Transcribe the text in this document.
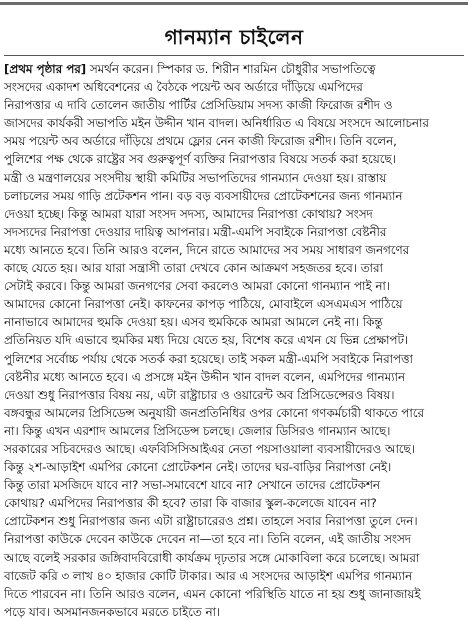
গানম্যান চাইলেন
[প্রথম পৃষ্ঠার পর] সমর্থন করেন। স্পিকার ড. শিরীন শারমিন চৌধুরীর সভাপতিত্বে
সংসদের একাদশ অধিবেশনের এ বৈঠকে পয়েন্ট অব অর্ডারে দাঁড়িয়ে এমপিদের
নিরাপত্তার এ দাবি তোলেন জাতীয় পার্টির প্রেসিডিয়াম সদস্য কাজী ফিরোজ রশীদ ও
জাসদের কার্যকরী সভাপতি মইন উদ্দীন খান বাদল। অনির্ধারিত এ বিষয়ে সংসদে আলোচনার
সময় পয়েন্ট অব অর্ডারে দাঁড়িয়ে প্রথমে ফ্লোর নেন কাজী ফিরোজ রশীদ। তিনি বলেন,
পুলিশের পক্ষ থেকে রাষ্ট্রের সব গুরুত্বপূর্ণ ব্যক্তির নিরাপত্তার বিষয়ে সতর্ক করা হয়েছে।
মন্ত্রী ও মন্ত্রণালয়ের সংসদীয় স্থায়ী কমিটির সভাপতিদের গানম্যান দেওয়া হয়। রাস্তায়
চলাচলের সময় গাড়ি প্রটেকশন পান। বড় বড় ব্যবসায়ীদের প্রোটেকশনের জন্য গানম্যান
দেওয়া হচ্ছে। কিন্তু আমরা যারা সংসদ সদস্য, আমাদের নিরাপত্তা কোথায়? সংসদ
সদস্যদের নিরাপত্তা দেওয়ার দায়িত্ব আপনার। মন্ত্রী-এমপি সবাইকে নিরাপত্তা বেষ্টনীর
মধ্যে আনতে হবে। তিনি আরও বলেন, দিনে রাতে আমাদের সব সময় সাধারণ জনগণের
কাছে যেতে হয়। আর যারা সন্ত্রাসী তারা দেখবে কোন আক্রমণ সহজতর হবে। তারা
সেটাই করবে। কিন্তু আমরা জনগণের সেবা করলেও আমরা কোনো গানম্যান পাই না।
আমাদের কোনো নিরাপত্তা নেই। কাফনের কাপড় পাঠিয়ে, মোবাইলে এসএমএস পাঠিয়ে
নানাভাবে আমাদের হুমকি দেওয়া হয়। এসব হুমকিকে আমরা আমলে নেই না। কিন্তু
প্রতিনিয়ত যদি এভাবে হুমকির মধ্য দিয়ে যেতে হয়, বিশেষ করে এখন যে ভিন্ন প্রেক্ষাপট।
পুলিশের সর্বোচ্চ পর্যায় থেকে সতর্ক করা হয়েছে। তাই সকল মন্ত্রী-এমপি সবাইকে নিরাপত্তা
বেষ্টনীর মধ্যে আনতে হবে। এ প্রসঙ্গে মইন উদ্দীন খান বাদল বলেন, এমপিদের গানম্যান
দেওয়া শুধু নিরাপত্তার বিষয় নয়, এটা রাষ্ট্রাচার ও ওয়ারেন্ট অব প্রিসিডেন্সেরও বিষয়।
বঙ্গবন্ধুর আমলের প্রিসিডেন্স অনুযায়ী জনপ্রতিনিধির ওপর কোনো গণকর্মচারী থাকতে পারে
না। কিন্তু এখন এরশাদ আমলের প্রিসিডেন্স চলছে। জেলার ডিসিরও গানম্যান আছে।
সরকারের সচিবদেরও আছে। এফবিসিসিআইএর নেতা পয়সাওয়ালা ব্যবসায়ীদেরও আছে।
কিন্তু ২শ-আড়াইশ এমপির কোনো প্রোটেকশন নেই। তাদের ঘর-বাড়ির নিরাপত্তা নেই।
কিন্তু তারা মসজিদে যাবে না? সভা-সমাবেশে যাবে না? সেখানে তাদের প্রোটেকশন
কোথায়? এমপিদের নিরাপত্তার কী হবে? তারা কি বাজার স্কুল-কলেজে যাবেন না?
প্রোটেকশন শুধু নিরাপত্তার জন্য এটা রাষ্ট্রাচারেরও প্রশ্ন। তাহলে সবার নিরাপত্তা তুলে দেন।
নিরাপত্তা কাউকে দেবেন কাউকে দেবেন না—তা হবে না। তিনি বলেন, এই জাতীয় সংসদ
আছে বলেই সরকার জঙ্গিবাদবিরোধী কার্যক্রম দৃঢ়তার সঙ্গে মোকাবিলা করে চলেছে। আমরা
বাজেট করি ৩ লাখ ৪০ হাজার কোটি টাকার। আর এ সংসদের আড়াইশ এমপির গানম্যান
দিতে পারবেন না। তিনি আরও বলেন, এমন কোনো পরিস্থিতি যাতে না হয় শুধু জানাজায়ই
পড়ে যাব। অসমানজনকভাবে মরতে চাইতে না।
